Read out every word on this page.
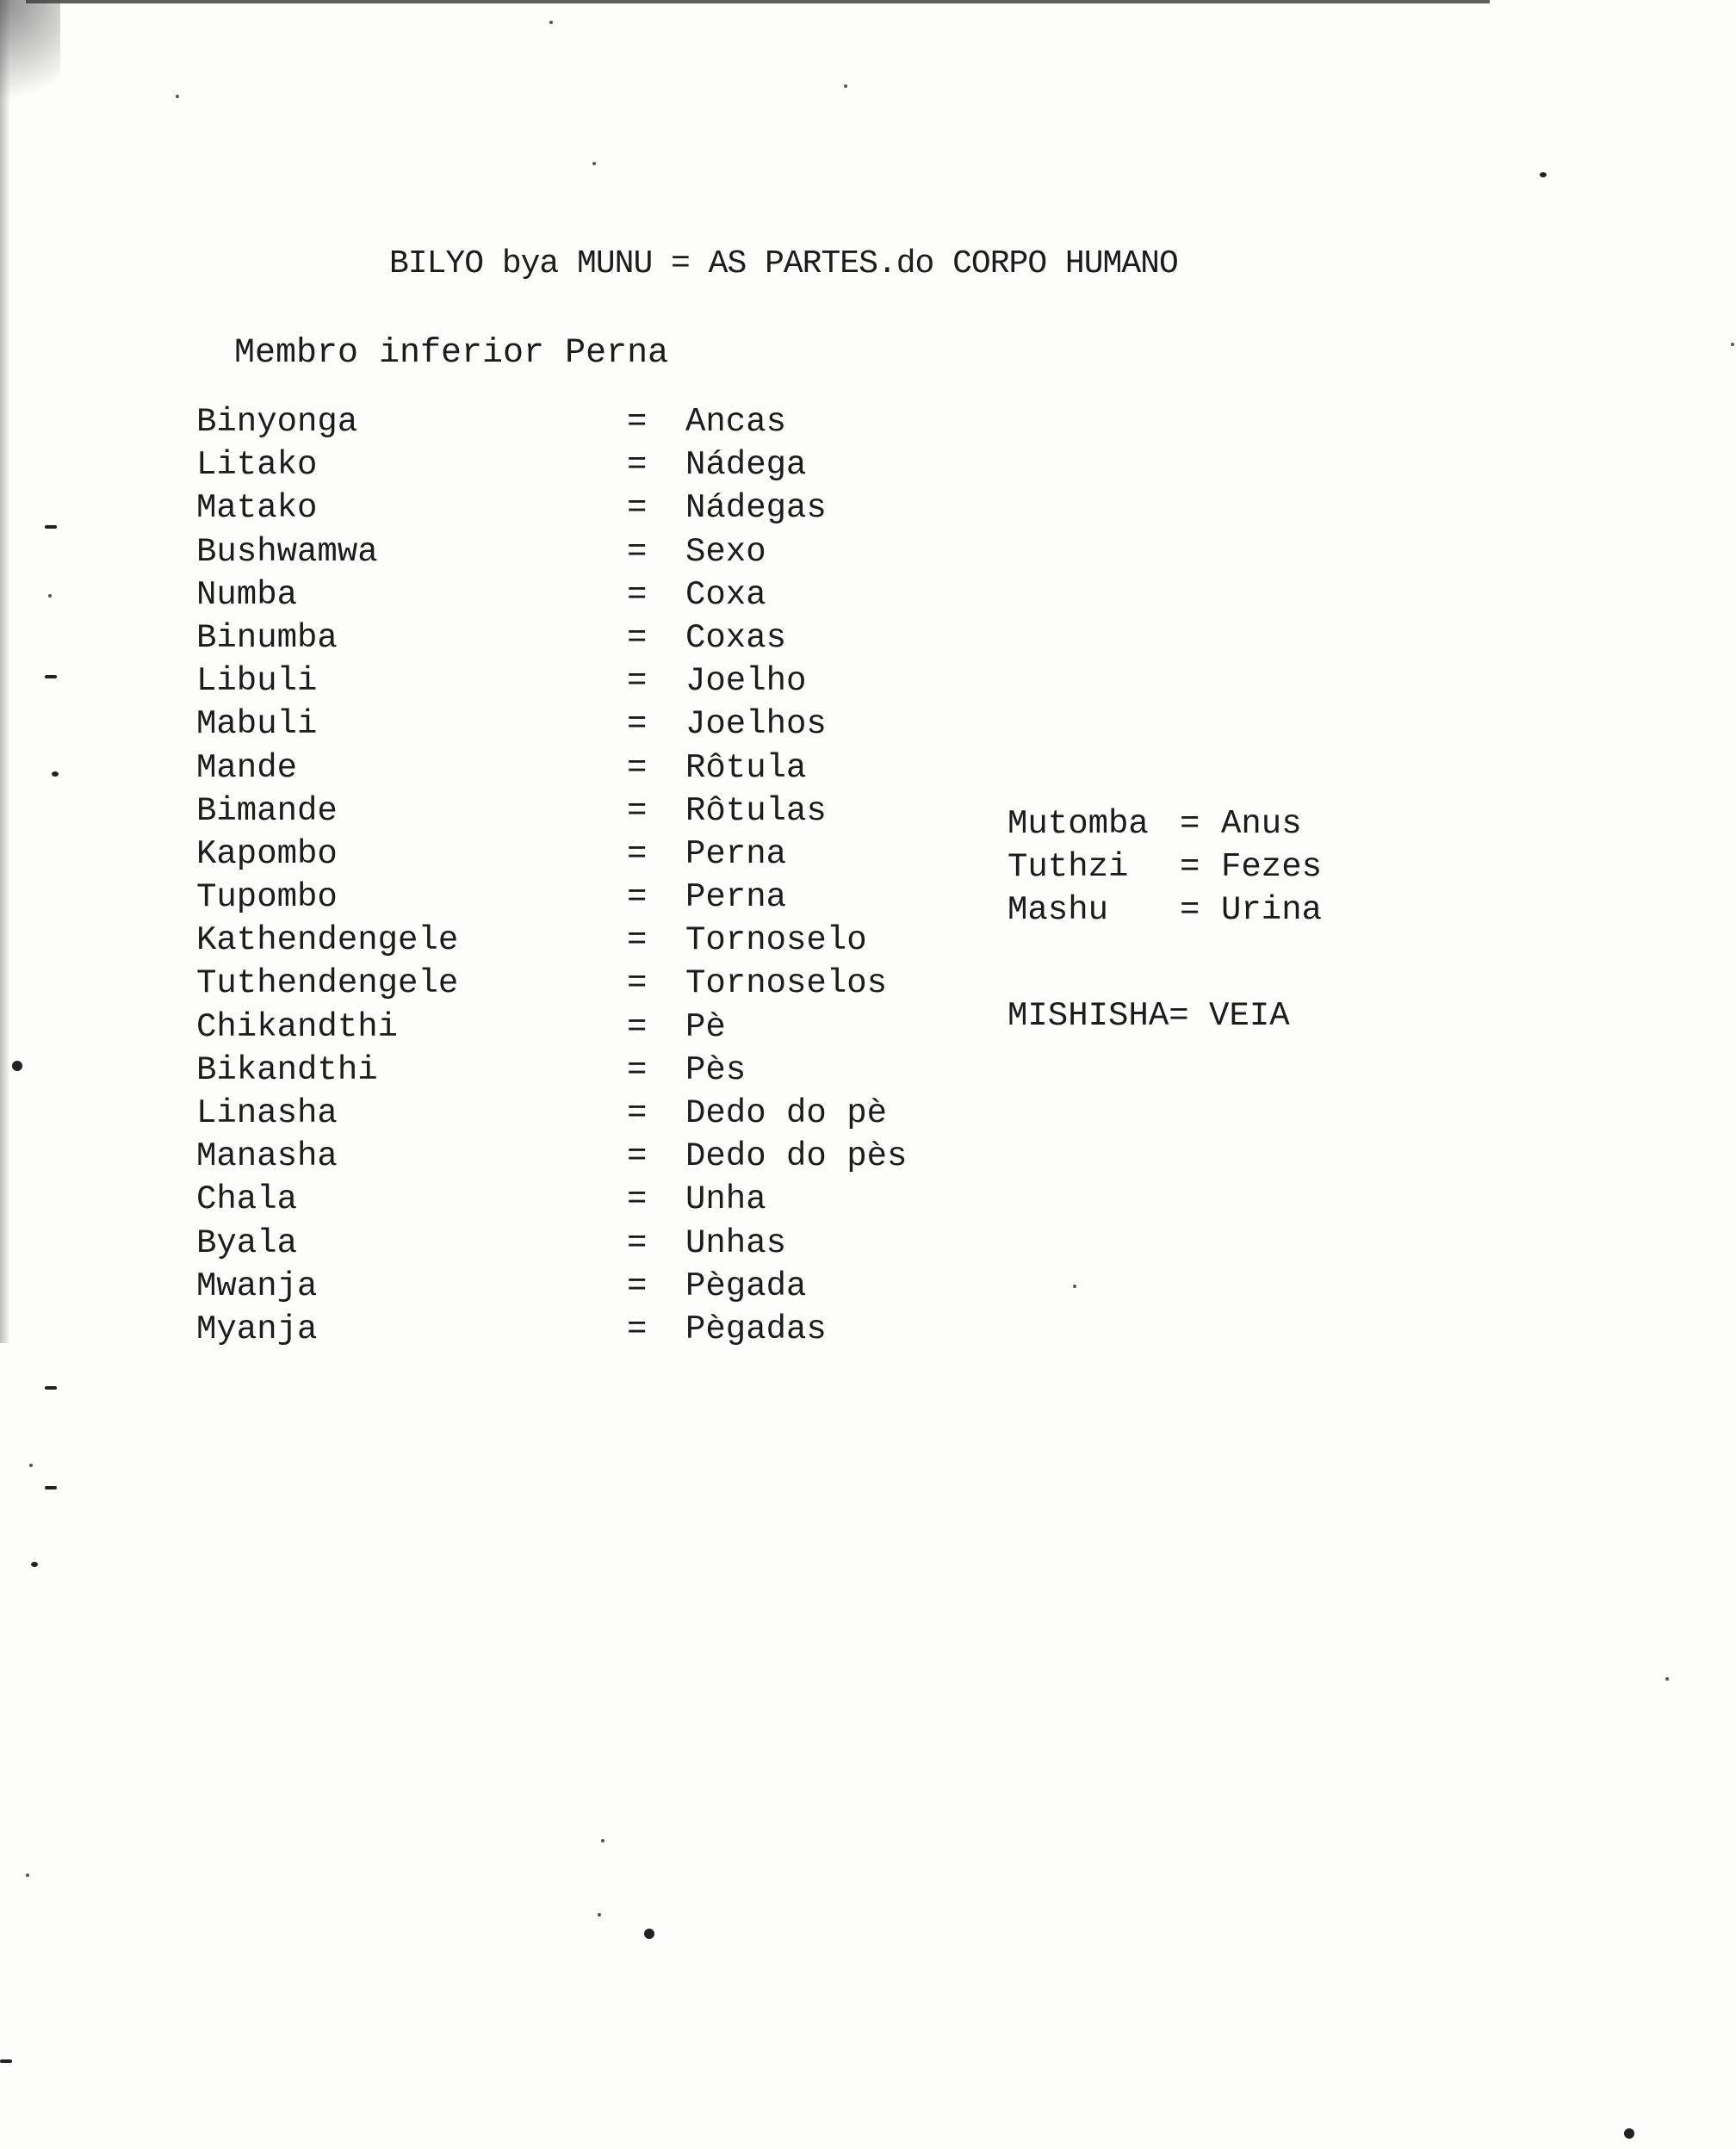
BILYO bya MUNU = AS PARTES.do CORPO HUMANO
Membro inferior Perna
Binyonga	=	Ancas
Litako	=	Nádega
Matako	=	Nádegas
Bushwamwa	=	Sexo
Numba	=	Coxa
Binumba	=	Coxas
Libuli	=	Joelho
Mabuli	=	Joelhos
Mande	=	Rôtula
Bimande	=	Rôtulas
Kapombo	=	Perna
Tupombo	=	Perna
Kathendengele	=	Tornoselo
Tuthendengele	=	Tornoselos
Chikandthi	=	Pè
Bikandthi	=	Pès
Linasha	=	Dedo do pè
Manasha	=	Dedo do pès
Chala	=	Unha
Byala	=	Unhas
Mwanja	=	Pègada
Myanja	=	Pègadas
Mutomba = Anus
Tuthzi	= Fezes
Mashu	= Urina
MISHISHA= VEIA
